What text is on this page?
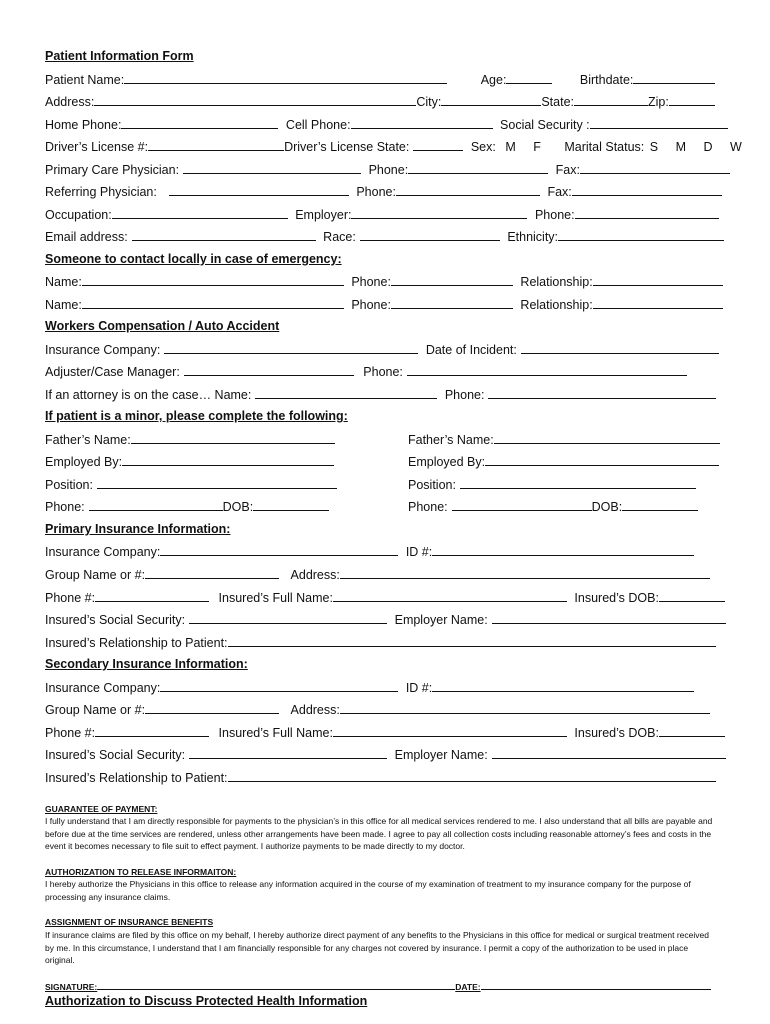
Patient Information Form
Patient Name:	Age:	Birthdate:
Address:	City:	State:	Zip:
Home Phone:	Cell Phone:	Social Security :
Driver’s License #:	Driver’s License State:	Sex: M F Marital Status: S M D W
Primary Care Physician:	Phone:	Fax:
Referring Physician:	Phone:	Fax:
Occupation:	Employer:	Phone:
Email address:	Race:	Ethnicity:
Someone to contact locally in case of emergency:
Name:	Phone:	Relationship:
Name:	Phone:	Relationship:
Workers Compensation / Auto Accident
Insurance Company:	Date of Incident:
Adjuster/Case Manager:	Phone:
If an attorney is on the case… Name:	Phone:
If patient is a minor, please complete the following:
Father’s Name:	Father’s Name:
Employed By:	Employed By:
Position:	Position:
Phone:	DOB:	Phone:	DOB:
Primary Insurance Information:
Insurance Company:	ID #:
Group Name or #:	Address:
Phone #:	Insured’s Full Name:	Insured’s DOB:
Insured’s Social Security:	Employer Name:
Insured’s Relationship to Patient:
Secondary Insurance Information:
Insurance Company:	ID #:
Group Name or #:	Address:
Phone #:	Insured’s Full Name:	Insured’s DOB:
Insured’s Social Security:	Employer Name:
Insured’s Relationship to Patient:
GUARANTEE OF PAYMENT:
I fully understand that I am directly responsible for payments to the physician’s in this office for all medical services rendered to me. I also understand that all bills are payable and before due at the time services are rendered, unless other arrangements have been made. I agree to pay all collection costs including reasonable attorney’s fees and costs in the event it becomes necessary to file suit to effect payment. I authorize payments to be made directly to my doctor.
AUTHORIZATION TO RELEASE INFORMAITON:
I hereby authorize the Physicians in this office to release any information acquired in the course of my examination of treatment to my insurance company for the purpose of processing any insurance claims.
ASSIGNMENT OF INSURANCE BENEFITS
If insurance claims are filed by this office on my behalf, I hereby authorize direct payment of any benefits to the Physicians in this office for medical or surgical treatment received by me. In this circumstance, I understand that I am financially responsible for any charges not covered by insurance. I permit a copy of the authorization to be used in place original.
SIGNATURE:	DATE:
Authorization to Discuss Protected Health Information
